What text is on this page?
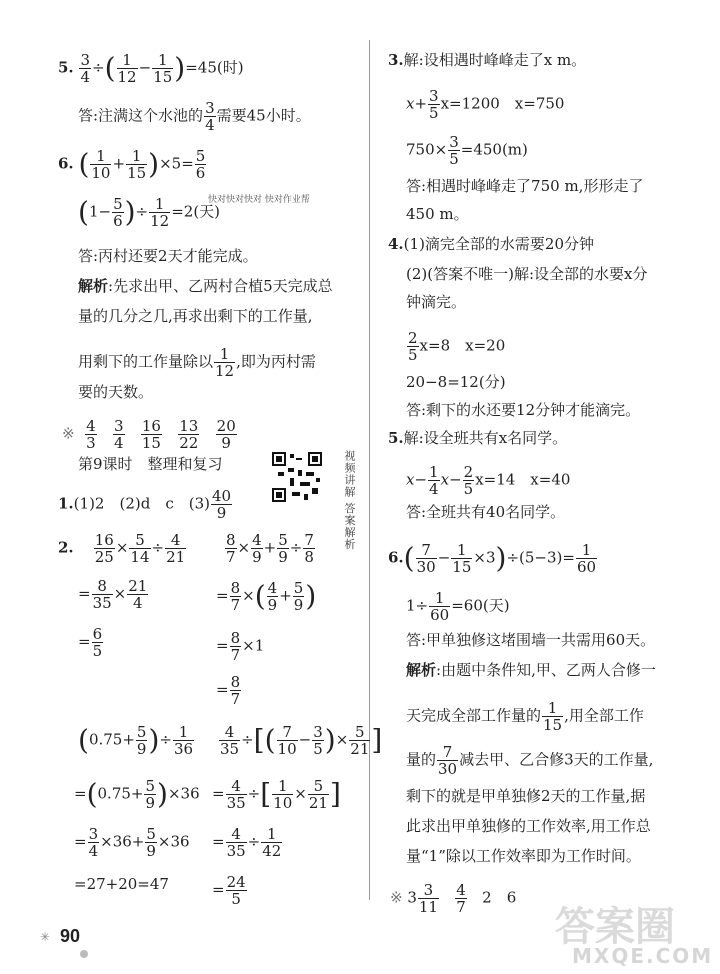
5. $\frac{3}{4}$ ÷( $\frac{1}{12} - \frac{1}{15} )=45$(时)
答:注满这个水池的 $\frac{3}{4}$ 需要45小时。
6. ( $\frac{1}{10} + \frac{1}{15} )\times 5= \frac{5}{6}$
($1- \frac{5}{6}$ )÷ $\frac{1}{12} =2$(天)
快对快对快对 快对作业帮
答:丙村还要2天才能完成。
解析:先求出甲、乙两村合植5天完成总
量的几分之几,再求出剩下的工作量,
用剩下的工作量除以 $\frac{1}{12}$ ,即为丙村需
要的天数。
※ $\frac{4}{3}$
$\frac{3}{4}$
$\frac{16}{15}$
$\frac{13}{22}$
$\frac{20}{9}$
第9课时　整理和复习
1.(1)2　(2)d　c　$(3) \frac{40}{9}$
2. $\frac{16}{25} \times \frac{5}{14} \div \frac{4}{21}$
= $\frac{8}{35} \times \frac{21}{4}$
= $\frac{6}{5}$
$\frac{8}{7} \times \frac{4}{9} + \frac{5}{9} \div \frac{7}{8}$
= $\frac{8}{7}$ ×( $\frac{4}{9} + \frac{5}{9}$ )
= $\frac{8}{7} \times 1$
= $\frac{8}{7}$
($0.75+ \frac{5}{9}$ )÷ $\frac{1}{36}$
$=(0.75+ \frac{5}{9} )\times 36$
= $\frac{3}{4} \times 36+ \frac{5}{9} \times 36$
=27+20=47
$\frac{4}{35}$ ÷[( $\frac{7}{10} - \frac{3}{5}$ )× $\frac{5}{21}$ ]
= $\frac{4}{35}$ ÷[ $\frac{1}{10} \times \frac{5}{21}$ ]
= $\frac{4}{35} \div \frac{1}{42}$
= $\frac{24}{5}$
视频讲解 答案解析
3.解:设相遇时峰峰走了x m。
$x+ \frac{3}{5} x=1200$　x=750
$750\times \frac{3}{5} =450(m)$
答:相遇时峰峰走了750 m,形形走了
450 m。
4.(1)滴完全部的水需要20分钟
(2)(答案不唯一)解:设全部的水要x分
钟滴完。
$\frac{2}{5} x=8$　x=20
20−8=12(分)
答:剩下的水还要12分钟才能滴完。
5.解:设全班共有x名同学。
$x- \frac{1}{4} x- \frac{2}{5} x=14$　x=40
答:全班共有40名同学。
$6.( \frac{7}{30} - \frac{1}{15} \times 3)\div(5-3)= \frac{1}{60}$
$1\div \frac{1}{60} =60$(天)
答:甲单独修这堵围墙一共需用60天。
解析:由题中条件知,甲、乙两人合修一
天完成全部工作量的 $\frac{1}{15}$ ,用全部工作
量的 $\frac{7}{30}$ 减去甲、乙合修3天的工作量,
剩下的就是甲单独修2天的工作量,据
此求出甲单独修的工作效率,用工作总
量“1”除以工作效率即为工作时间。
※ $3 \frac{3}{11}$
$\frac{4}{7} 2$　6
答案圈
MXQE.COM
✳ 90
